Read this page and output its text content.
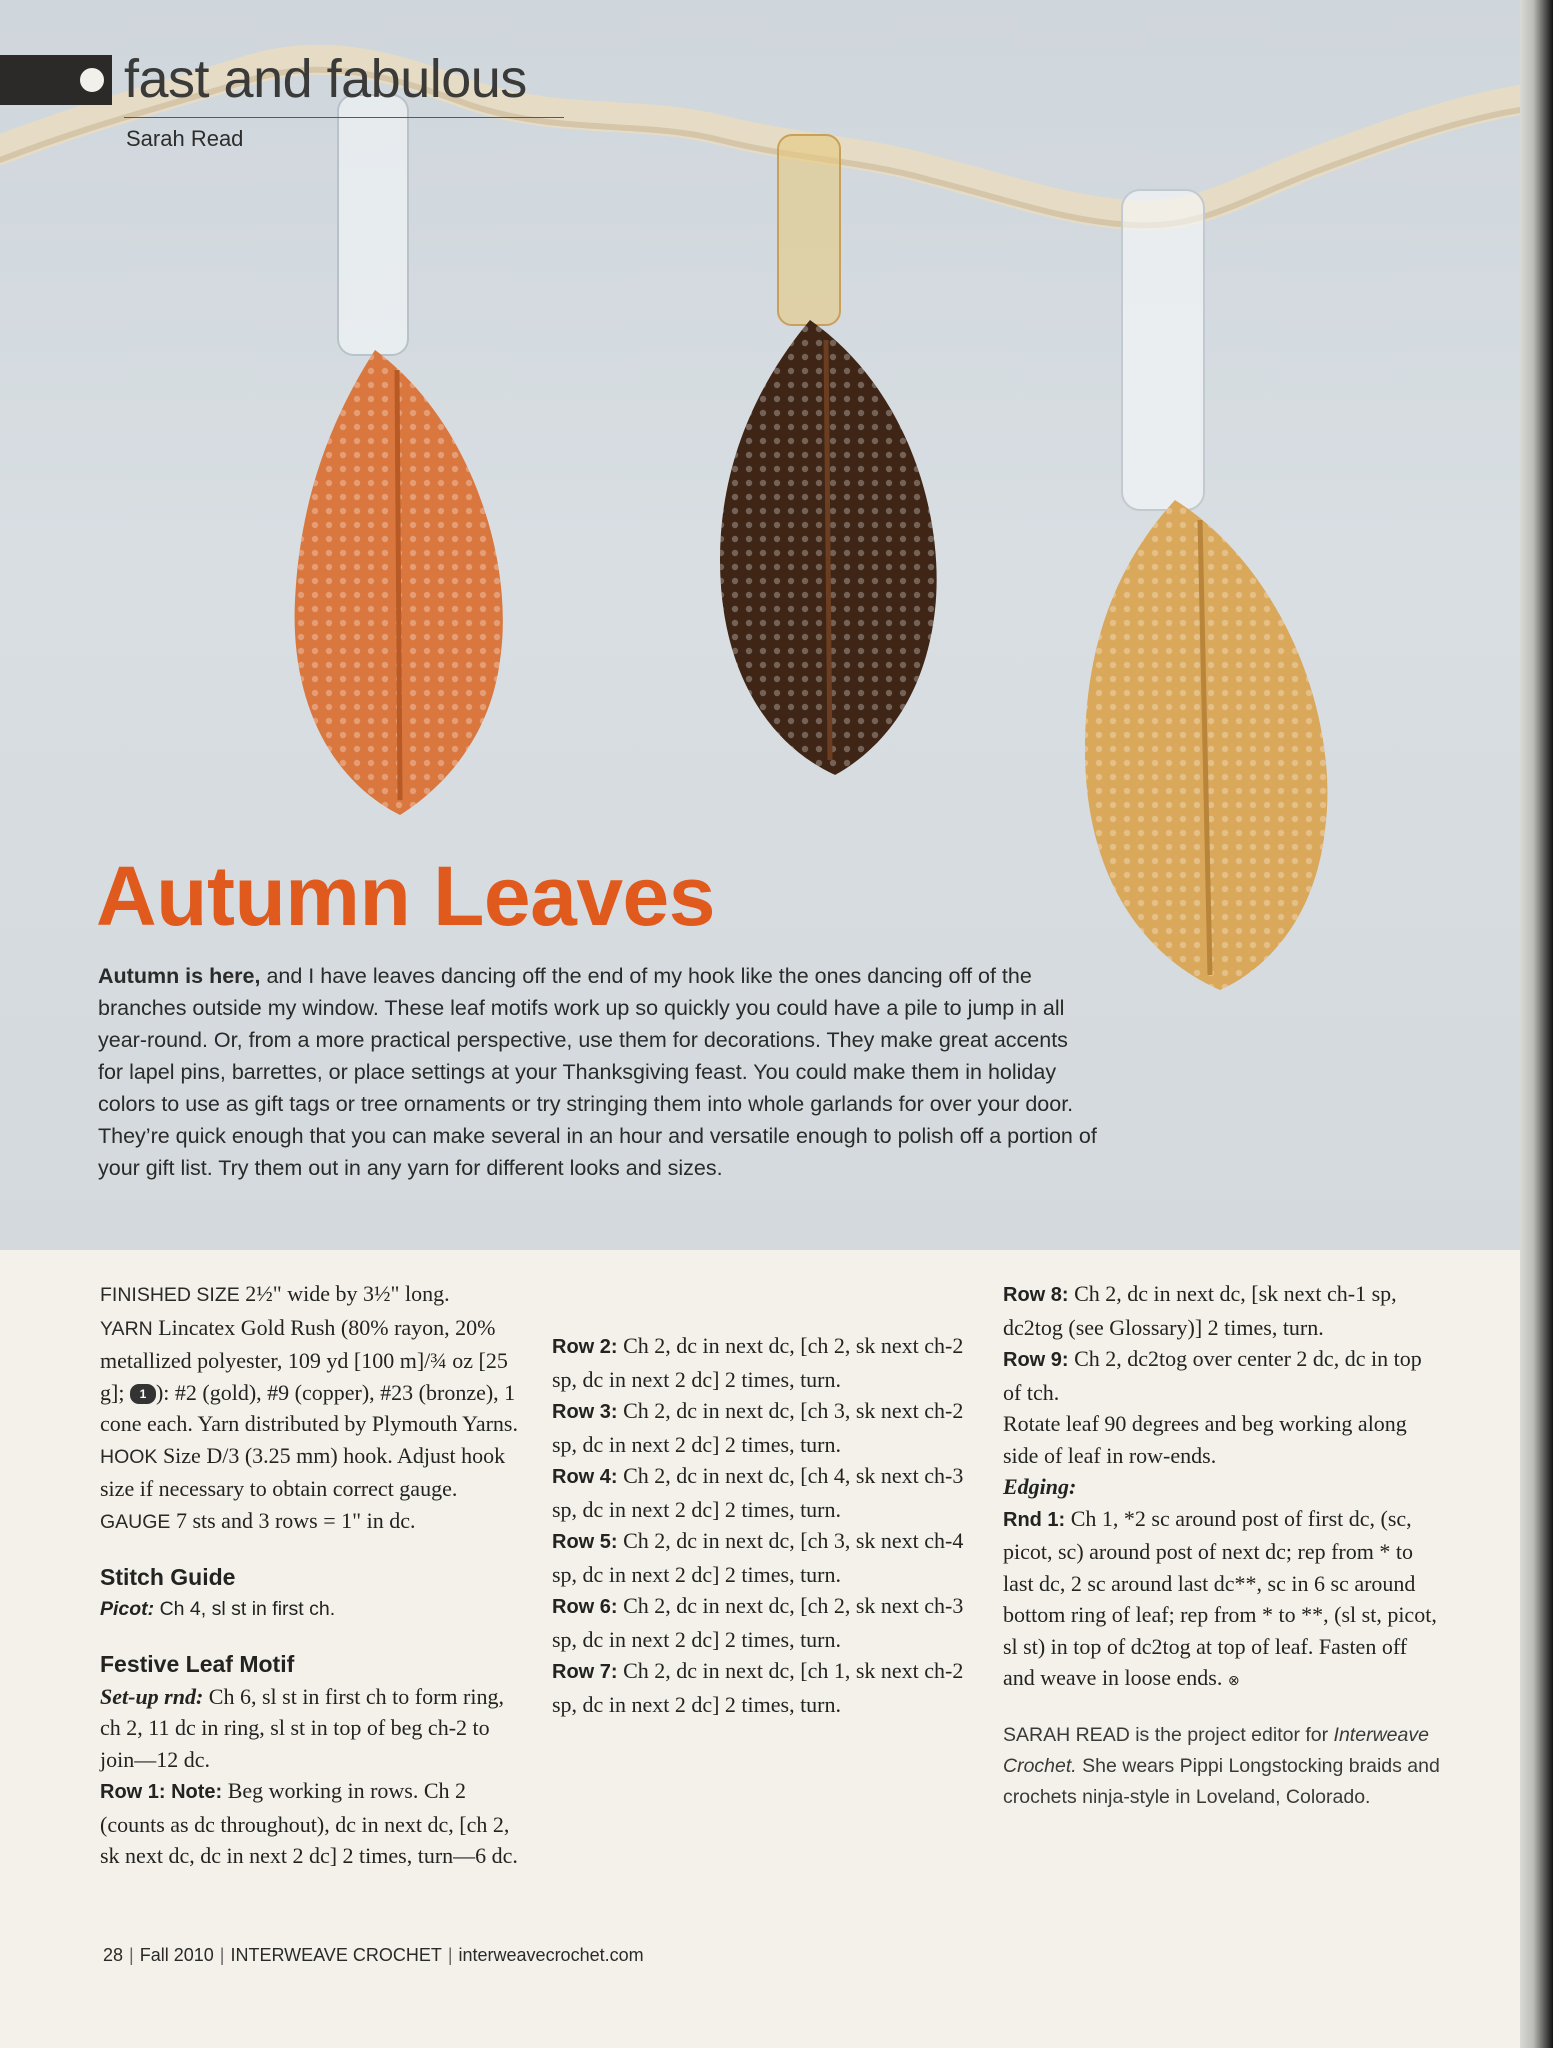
fast and fabulous
Sarah Read
Autumn Leaves
Autumn is here, and I have leaves dancing off the end of my hook like the ones dancing off of the branches outside my window. These leaf motifs work up so quickly you could have a pile to jump in all year-round. Or, from a more practical perspective, use them for decorations. They make great accents for lapel pins, barrettes, or place settings at your Thanksgiving feast. You could make them in holiday colors to use as gift tags or tree ornaments or try stringing them into whole garlands for over your door. They’re quick enough that you can make several in an hour and versatile enough to polish off a portion of your gift list. Try them out in any yarn for different looks and sizes.
FINISHED SIZE 2½" wide by 3½" long.
YARN Lincatex Gold Rush (80% rayon, 20% metallized polyester, 109 yd [100 m]/¾ oz [25 g]; 1 ): #2 (gold), #9 (copper), #23 (bronze), 1 cone each. Yarn distributed by Plymouth Yarns.
HOOK Size D/3 (3.25 mm) hook. Adjust hook size if necessary to obtain correct gauge.
GAUGE 7 sts and 3 rows = 1" in dc.
Stitch Guide
Picot: Ch 4, sl st in first ch.
Festive Leaf Motif
Set-up rnd: Ch 6, sl st in first ch to form ring, ch 2, 11 dc in ring, sl st in top of beg ch-2 to join—12 dc.
Row 1: Note: Beg working in rows. Ch 2 (counts as dc throughout), dc in next dc, [ch 2, sk next dc, dc in next 2 dc] 2 times, turn—6 dc.
Row 2: Ch 2, dc in next dc, [ch 2, sk next ch-2 sp, dc in next 2 dc] 2 times, turn.
Row 3: Ch 2, dc in next dc, [ch 3, sk next ch-2 sp, dc in next 2 dc] 2 times, turn.
Row 4: Ch 2, dc in next dc, [ch 4, sk next ch-3 sp, dc in next 2 dc] 2 times, turn.
Row 5: Ch 2, dc in next dc, [ch 3, sk next ch-4 sp, dc in next 2 dc] 2 times, turn.
Row 6: Ch 2, dc in next dc, [ch 2, sk next ch-3 sp, dc in next 2 dc] 2 times, turn.
Row 7: Ch 2, dc in next dc, [ch 1, sk next ch-2 sp, dc in next 2 dc] 2 times, turn.
Row 8: Ch 2, dc in next dc, [sk next ch-1 sp, dc2tog (see Glossary)] 2 times, turn.
Row 9: Ch 2, dc2tog over center 2 dc, dc in top of tch.
Rotate leaf 90 degrees and beg working along side of leaf in row-ends.
Edging:
Rnd 1: Ch 1, *2 sc around post of first dc, (sc, picot, sc) around post of next dc; rep from * to last dc, 2 sc around last dc**, sc in 6 sc around bottom ring of leaf; rep from * to **, (sl st, picot, sl st) in top of dc2tog at top of leaf. Fasten off and weave in loose ends. ⊗
SARAH READ is the project editor for Interweave Crochet. She wears Pippi Longstocking braids and crochets ninja-style in Loveland, Colorado.
28 | Fall 2010 | INTERWEAVE CROCHET | interweavecrochet.com
